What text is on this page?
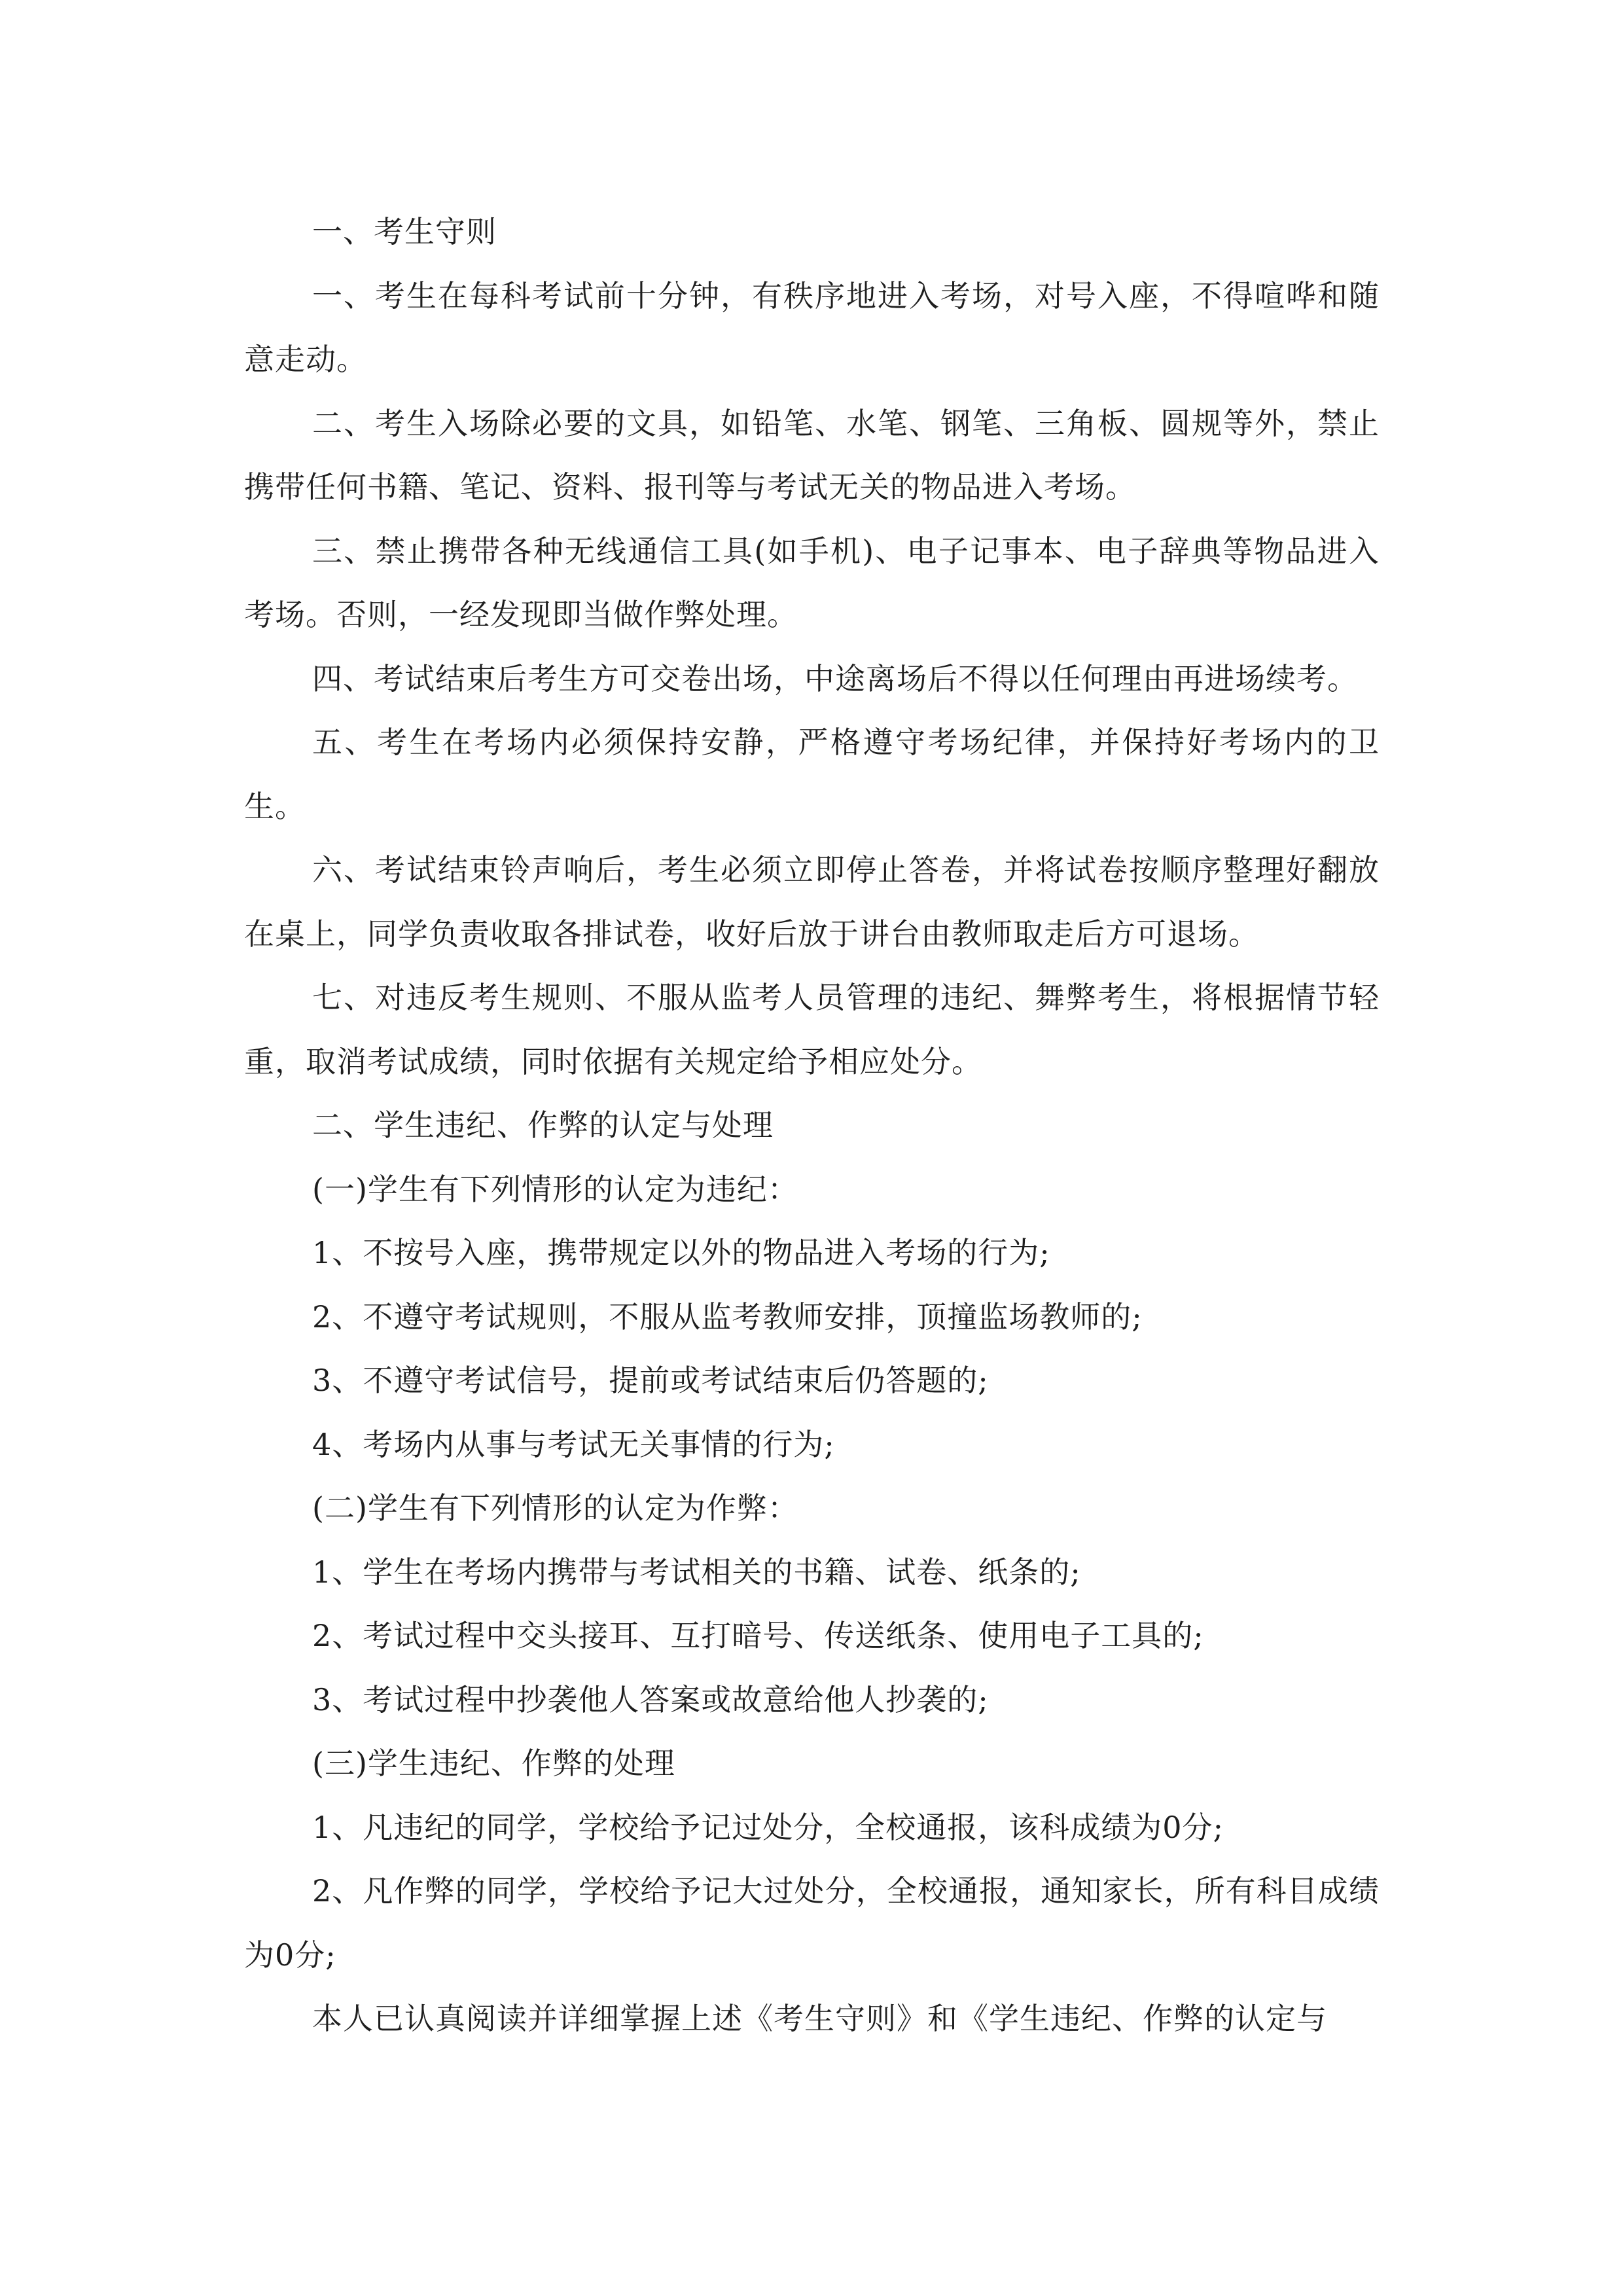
一、考生守则

一、考生在每科考试前十分钟，有秩序地进入考场，对号入座，不得喧哗和随意走动。

二、考生入场除必要的文具，如铅笔、水笔、钢笔、三角板、圆规等外，禁止携带任何书籍、笔记、资料、报刊等与考试无关的物品进入考场。

三、禁止携带各种无线通信工具(如手机)、电子记事本、电子辞典等物品进入考场。否则，一经发现即当做作弊处理。

四、考试结束后考生方可交卷出场，中途离场后不得以任何理由再进场续考。

五、考生在考场内必须保持安静，严格遵守考场纪律，并保持好考场内的卫生。

六、考试结束铃声响后，考生必须立即停止答卷，并将试卷按顺序整理好翻放在桌上，同学负责收取各排试卷，收好后放于讲台由教师取走后方可退场。

七、对违反考生规则、不服从监考人员管理的违纪、舞弊考生，将根据情节轻重，取消考试成绩，同时依据有关规定给予相应处分。

二、学生违纪、作弊的认定与处理

(一)学生有下列情形的认定为违纪：

1、不按号入座，携带规定以外的物品进入考场的行为;

2、不遵守考试规则，不服从监考教师安排，顶撞监场教师的;

3、不遵守考试信号，提前或考试结束后仍答题的;

4、考场内从事与考试无关事情的行为;

(二)学生有下列情形的认定为作弊：

1、学生在考场内携带与考试相关的书籍、试卷、纸条的;

2、考试过程中交头接耳、互打暗号、传送纸条、使用电子工具的;

3、考试过程中抄袭他人答案或故意给他人抄袭的;

(三)学生违纪、作弊的处理

1、凡违纪的同学，学校给予记过处分，全校通报，该科成绩为0分;

2、凡作弊的同学，学校给予记大过处分，全校通报，通知家长，所有科目成绩为0分;

本人已认真阅读并详细掌握上述《考生守则》和《学生违纪、作弊的认定与
